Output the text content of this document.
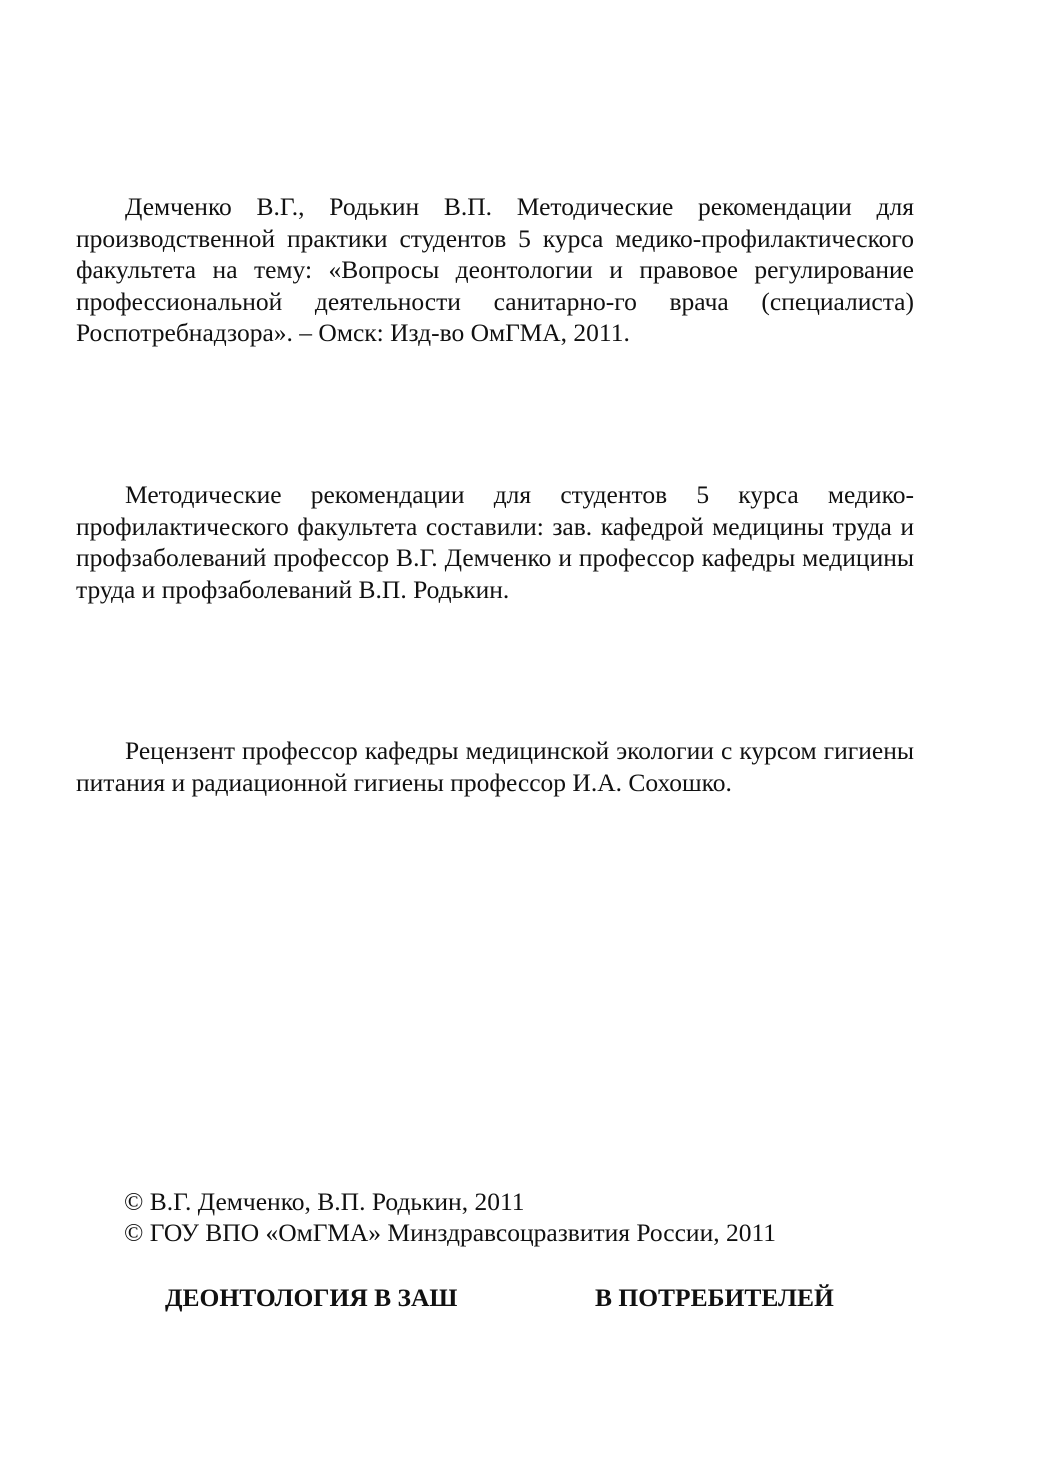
Демченко В.Г., Родькин В.П. Методические рекомендации для производственной практики студентов 5 курса медико-профилактического факультета на тему: «Вопросы деонтологии и правовое регулирование профессиональной деятельности санитарно-го врача (специалиста) Роспотребнадзора». – Омск: Изд-во ОмГМА, 2011.

Методические рекомендации для студентов 5 курса медико-профилактического факультета составили: зав. кафедрой медицины труда и профзаболеваний профессор В.Г. Демченко и профессор кафедры медицины труда и профзаболеваний В.П. Родькин.

Рецензент профессор кафедры медицинской экологии с курсом гигиены питания и радиационной гигиены профессор И.А. Сохошко.

© В.Г. Демченко, В.П. Родькин, 2011

© ГОУ ВПО «ОмГМА» Минздравсоцразвития России, 2011

ДЕОНТОЛОГИЯ В ЗАШ	В ПОТРЕБИТЕЛЕЙ
